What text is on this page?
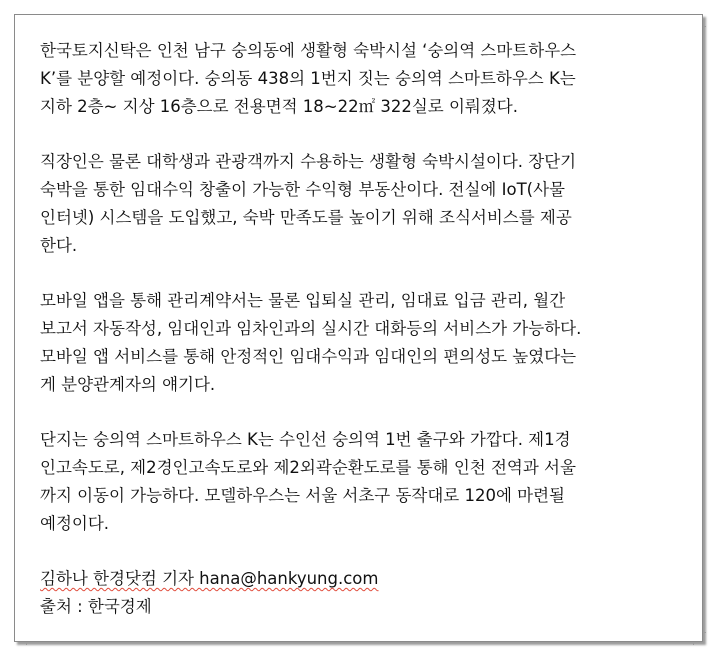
한국토지신탁은 인천 남구 숭의동에 생활형 숙박시설 ‘숭의역 스마트하우스
K’를 분양할 예정이다. 숭의동 438의 1번지 짓는 숭의역 스마트하우스 K는
지하 2층~ 지상 16층으로 전용면적 18~22㎡ 322실로 이뤄졌다.
직장인은 물론 대학생과 관광객까지 수용하는 생활형 숙박시설이다. 장단기
숙박을 통한 임대수익 창출이 가능한 수익형 부동산이다. 전실에 IoT(사물
인터넷) 시스템을 도입했고, 숙박 만족도를 높이기 위해 조식서비스를 제공
한다.
모바일 앱을 통해 관리계약서는 물론 입퇴실 관리, 임대료 입금 관리, 월간
보고서 자동작성, 임대인과 임차인과의 실시간 대화등의 서비스가 가능하다.
모바일 앱 서비스를 통해 안정적인 임대수익과 임대인의 편의성도 높였다는
게 분양관계자의 얘기다.
단지는 숭의역 스마트하우스 K는 수인선 숭의역 1번 출구와 가깝다. 제1경
인고속도로, 제2경인고속도로와 제2외곽순환도로를 통해 인천 전역과 서울
까지 이동이 가능하다. 모델하우스는 서울 서초구 동작대로 120에 마련될
예정이다.
김하나 한경닷컴 기자 hana@hankyung.com
출처 : 한국경제
